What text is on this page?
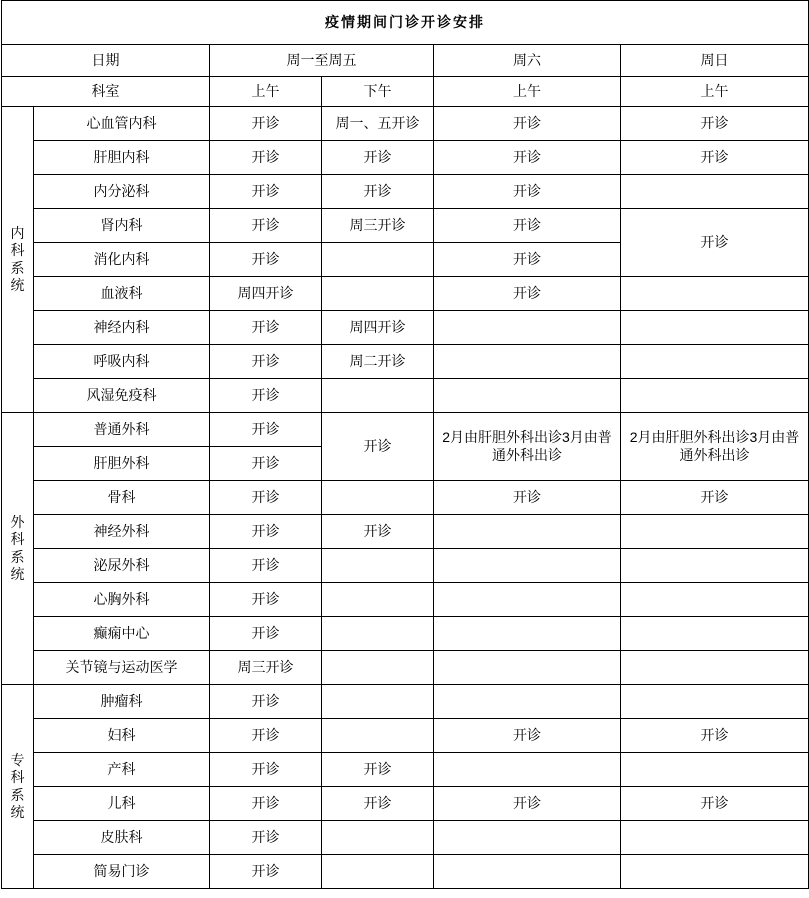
疫情期间门诊开诊安排					
日期		周一至周五		周六	周日
科室		上午	下午	上午	上午
内科系统	心血管内科	开诊	周一、五开诊	开诊	开诊
	肝胆内科	开诊	开诊	开诊	开诊
	内分泌科	开诊	开诊	开诊	
	肾内科	开诊	周三开诊	开诊	开诊
	消化内科	开诊		开诊	
	血液科	周四开诊		开诊	
	神经内科	开诊	周四开诊		
	呼吸内科	开诊	周二开诊		
	风湿免疫科	开诊			
外科系统	普通外科	开诊	开诊	2月由肝胆外科出诊3月由普通外科出诊	2月由肝胆外科出诊3月由普通外科出诊
	肝胆外科	开诊			
	骨科	开诊		开诊	开诊
	神经外科	开诊	开诊		
	泌尿外科	开诊			
	心胸外科	开诊			
	癫痫中心	开诊			
	关节镜与运动医学	周三开诊			
专科系统	肿瘤科	开诊			
	妇科	开诊		开诊	开诊
	产科	开诊	开诊		
	儿科	开诊	开诊	开诊	开诊
	皮肤科	开诊			
	简易门诊	开诊			
